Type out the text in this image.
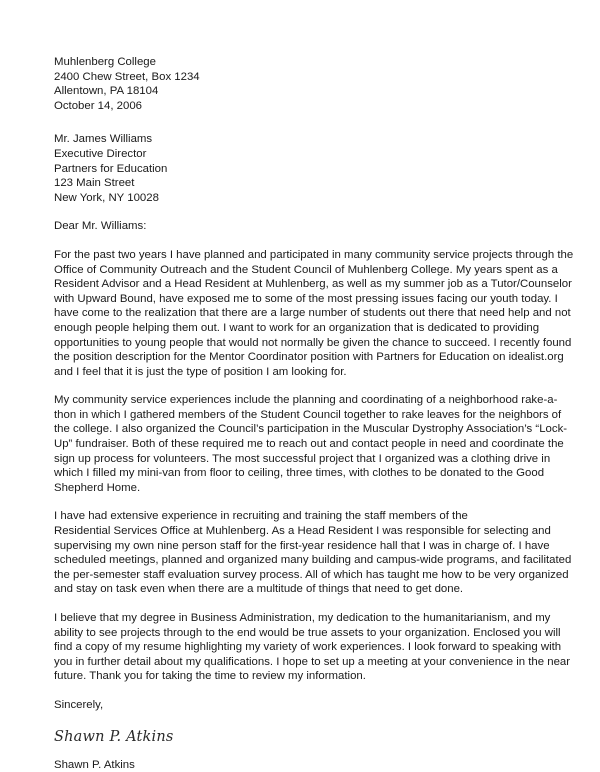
Muhlenberg College
2400 Chew Street, Box 1234
Allentown, PA 18104
October 14, 2006
Mr. James Williams
Executive Director
Partners for Education
123 Main Street
New York, NY 10028
Dear Mr. Williams:
For the past two years I have planned and participated in many community service projects through the
Office of Community Outreach and the Student Council of Muhlenberg College. My years spent as a
Resident Advisor and a Head Resident at Muhlenberg, as well as my summer job as a Tutor/Counselor
with Upward Bound, have exposed me to some of the most pressing issues facing our youth today. I
have come to the realization that there are a large number of students out there that need help and not
enough people helping them out. I want to work for an organization that is dedicated to providing
opportunities to young people that would not normally be given the chance to succeed. I recently found
the position description for the Mentor Coordinator position with Partners for Education on idealist.org
and I feel that it is just the type of position I am looking for.
My community service experiences include the planning and coordinating of a neighborhood rake-a-
thon in which I gathered members of the Student Council together to rake leaves for the neighbors of
the college. I also organized the Council’s participation in the Muscular Dystrophy Association’s “Lock-
Up” fundraiser. Both of these required me to reach out and contact people in need and coordinate the
sign up process for volunteers. The most successful project that I organized was a clothing drive in
which I filled my mini-van from floor to ceiling, three times, with clothes to be donated to the Good
Shepherd Home.
I have had extensive experience in recruiting and training the staff members of the
Residential Services Office at Muhlenberg. As a Head Resident I was responsible for selecting and
supervising my own nine person staff for the first-year residence hall that I was in charge of. I have
scheduled meetings, planned and organized many building and campus-wide programs, and facilitated
the per-semester staff evaluation survey process. All of which has taught me how to be very organized
and stay on task even when there are a multitude of things that need to get done.
I believe that my degree in Business Administration, my dedication to the humanitarianism, and my
ability to see projects through to the end would be true assets to your organization. Enclosed you will
find a copy of my resume highlighting my variety of work experiences. I look forward to speaking with
you in further detail about my qualifications. I hope to set up a meeting at your convenience in the near
future. Thank you for taking the time to review my information.
Sincerely,
Shawn P. Atkins
Shawn P. Atkins
